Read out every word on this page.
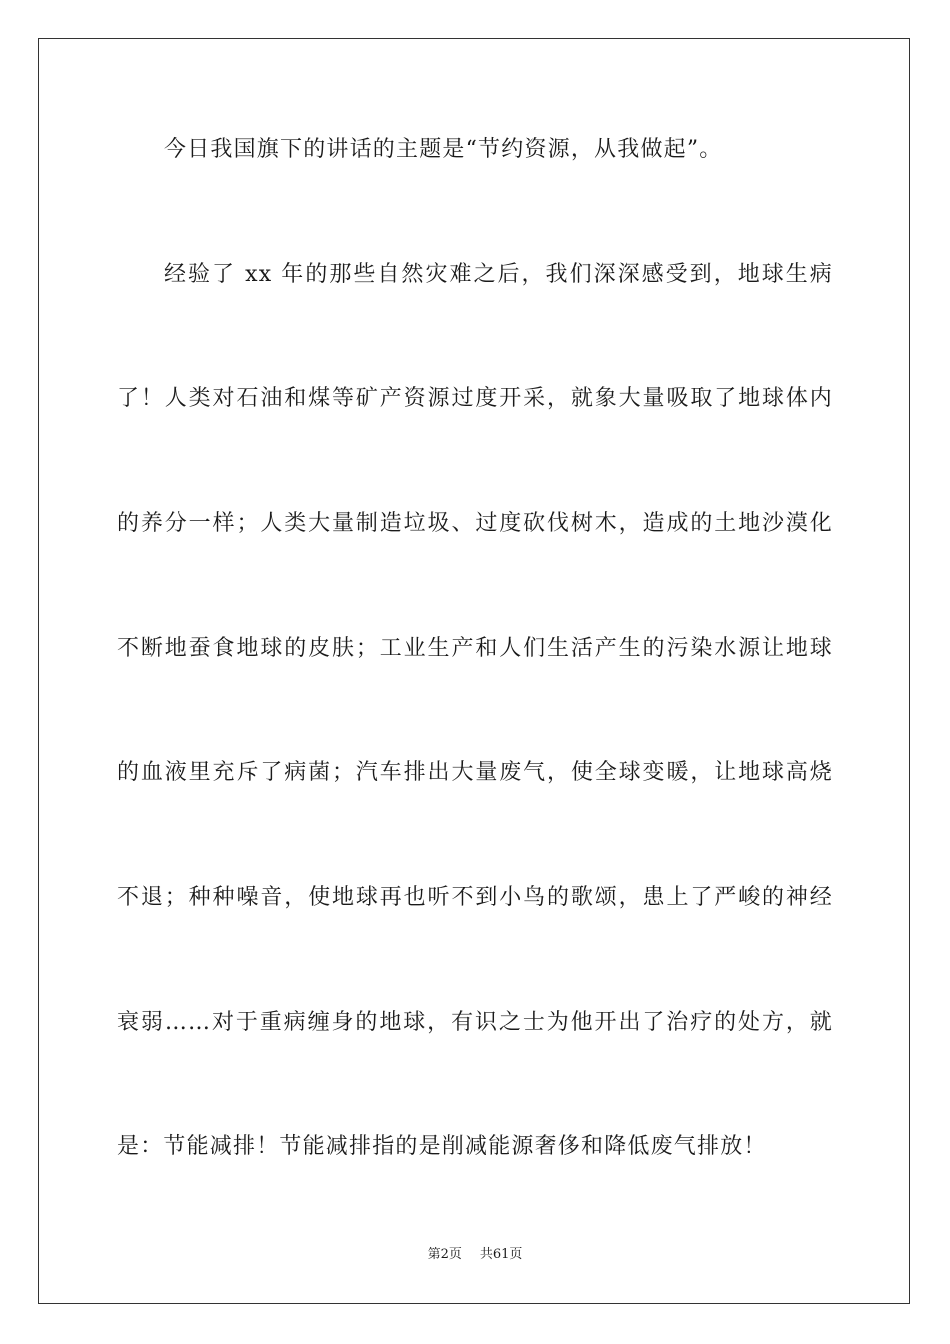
今日我国旗下的讲话的主题是“节约资源，从我做起”。
经验了 xx 年的那些自然灾难之后，我们深深感受到，地球生病
了！人类对石油和煤等矿产资源过度开采，就象大量吸取了地球体内
的养分一样；人类大量制造垃圾、过度砍伐树木，造成的土地沙漠化
不断地蚕食地球的皮肤；工业生产和人们生活产生的污染水源让地球
的血液里充斥了病菌；汽车排出大量废气，使全球变暖，让地球高烧
不退；种种噪音，使地球再也听不到小鸟的歌颂，患上了严峻的神经
衰弱……对于重病缠身的地球，有识之士为他开出了治疗的处方，就
是：节能减排！节能减排指的是削减能源奢侈和降低废气排放！
第2页 共61页
